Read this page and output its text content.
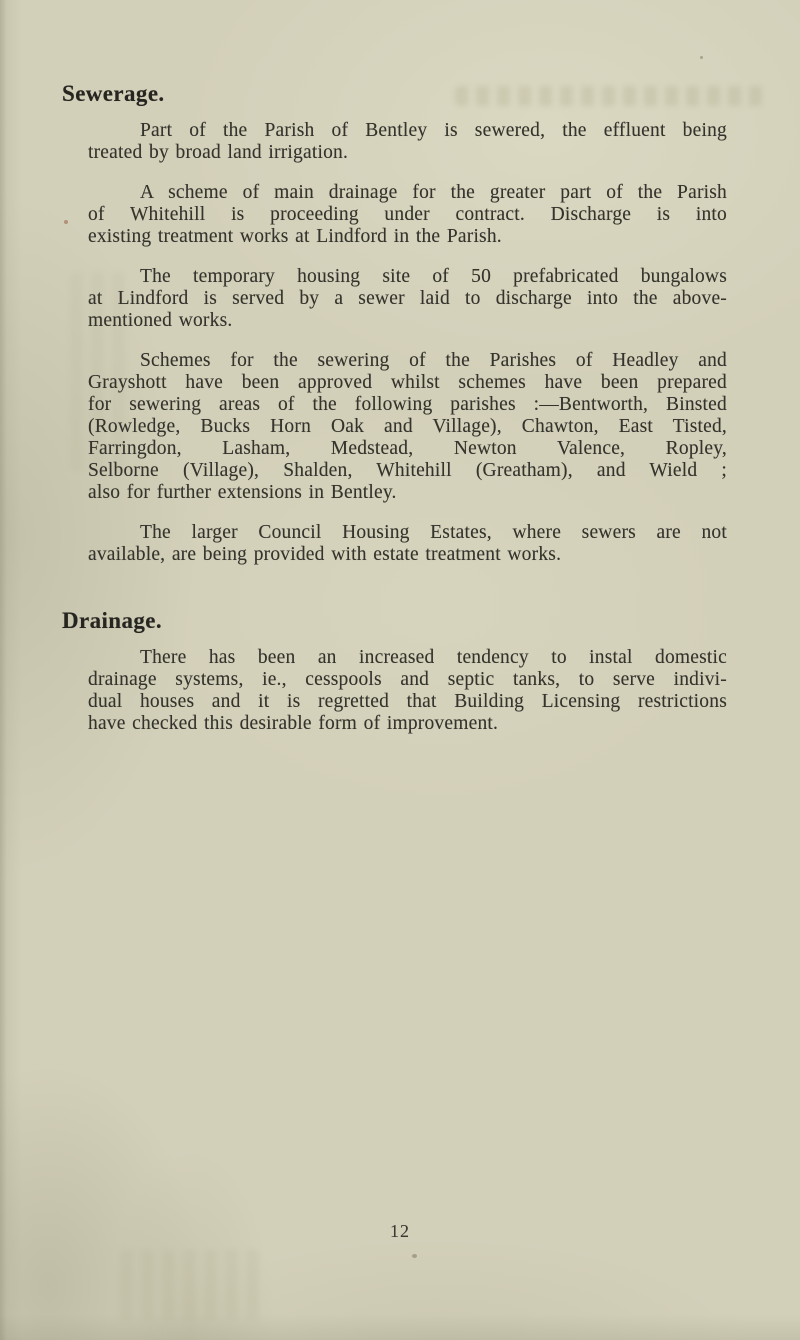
Sewerage.
Part of the Parish of Bentley is sewered, the effluent being
treated by broad land irrigation.
A scheme of main drainage for the greater part of the Parish
of Whitehill is proceeding under contract. Discharge is into
existing treatment works at Lindford in the Parish.
The temporary housing site of 50 prefabricated bungalows
at Lindford is served by a sewer laid to discharge into the above-
mentioned works.
Schemes for the sewering of the Parishes of Headley and
Grayshott have been approved whilst schemes have been prepared
for sewering areas of the following parishes :—Bentworth, Binsted
(Rowledge, Bucks Horn Oak and Village), Chawton, East Tisted,
Farringdon, Lasham, Medstead, Newton Valence, Ropley,
Selborne (Village), Shalden, Whitehill (Greatham), and Wield ;
also for further extensions in Bentley.
The larger Council Housing Estates, where sewers are not
available, are being provided with estate treatment works.
Drainage.
There has been an increased tendency to instal domestic
drainage systems, ie., cesspools and septic tanks, to serve indivi-
dual houses and it is regretted that Building Licensing restrictions
have checked this desirable form of improvement.
12
